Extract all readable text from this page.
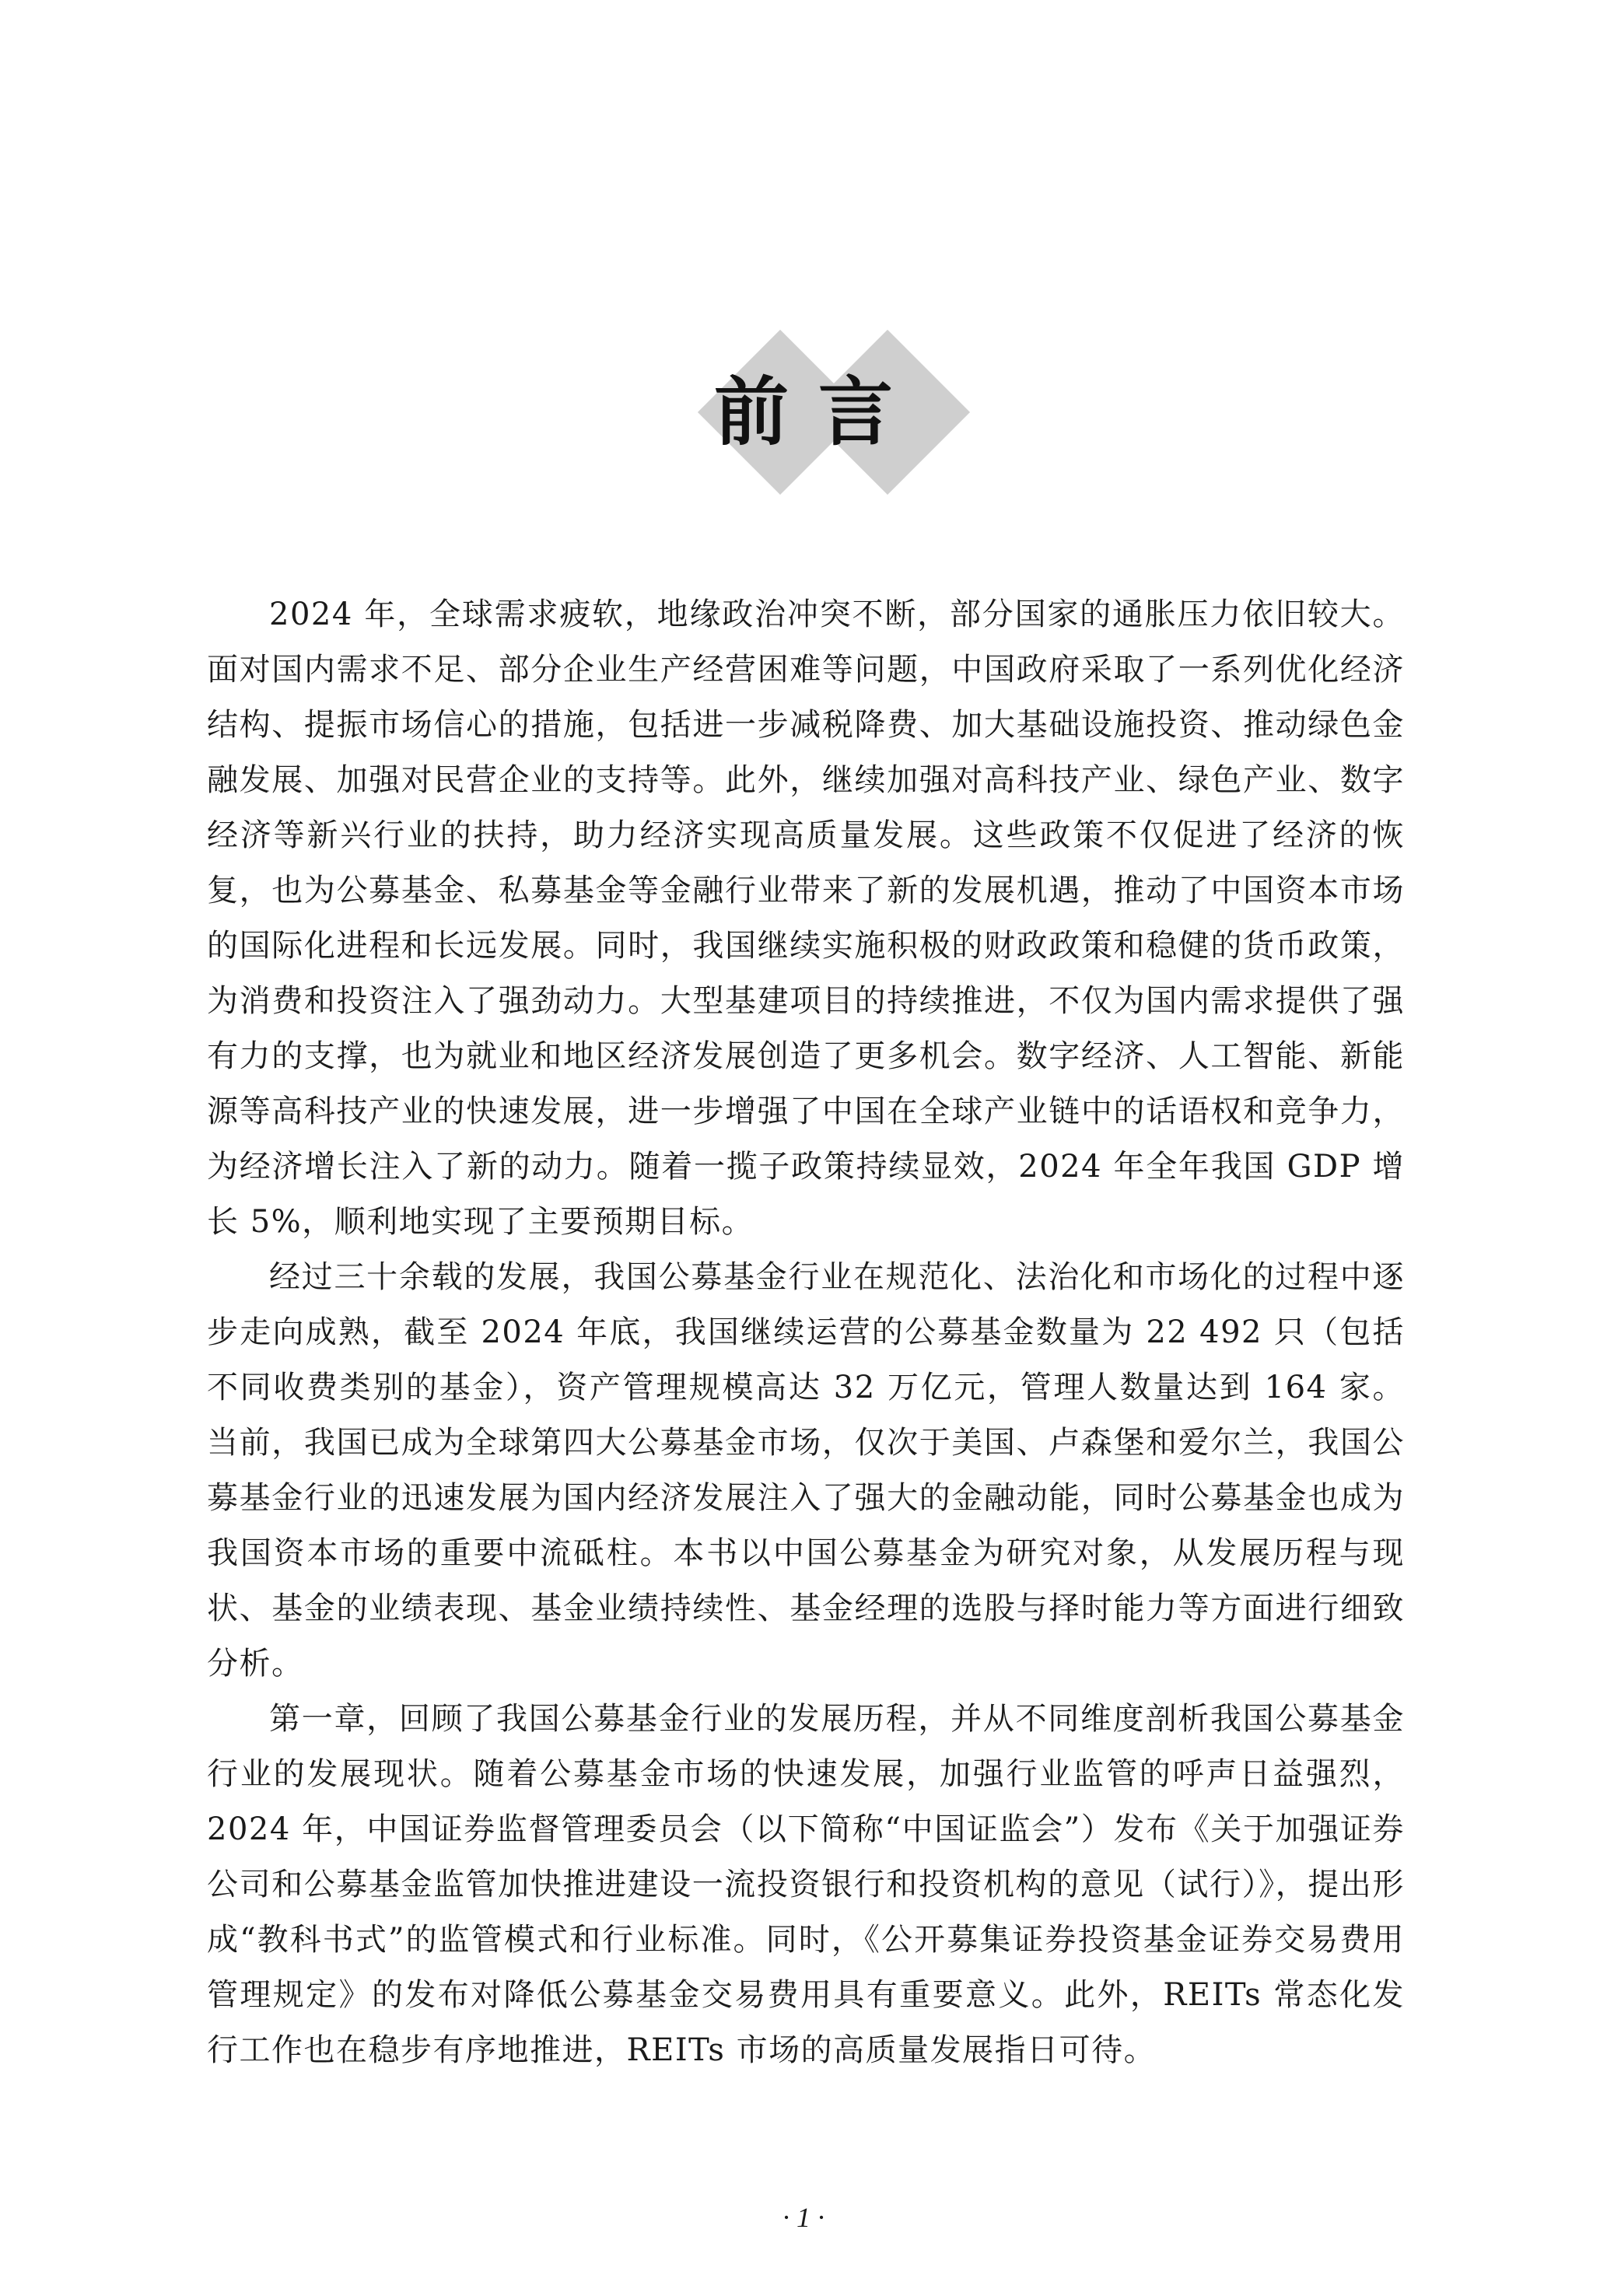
前言

2024 年，全球需求疲软，地缘政治冲突不断，部分国家的通胀压力依旧较大。面对国内需求不足、部分企业生产经营困难等问题，中国政府采取了一系列优化经济结构、提振市场信心的措施，包括进一步减税降费、加大基础设施投资、推动绿色金融发展、加强对民营企业的支持等。此外，继续加强对高科技产业、绿色产业、数字经济等新兴行业的扶持，助力经济实现高质量发展。这些政策不仅促进了经济的恢复，也为公募基金、私募基金等金融行业带来了新的发展机遇，推动了中国资本市场的国际化进程和长远发展。同时，我国继续实施积极的财政政策和稳健的货币政策，为消费和投资注入了强劲动力。大型基建项目的持续推进，不仅为国内需求提供了强有力的支撑，也为就业和地区经济发展创造了更多机会。数字经济、人工智能、新能源等高科技产业的快速发展，进一步增强了中国在全球产业链中的话语权和竞争力，为经济增长注入了新的动力。随着一揽子政策持续显效，2024 年全年我国 GDP 增长 5%，顺利地实现了主要预期目标。

经过三十余载的发展，我国公募基金行业在规范化、法治化和市场化的过程中逐步走向成熟，截至 2024 年底，我国继续运营的公募基金数量为 22 492 只（包括不同收费类别的基金），资产管理规模高达 32 万亿元，管理人数量达到 164 家。当前，我国已成为全球第四大公募基金市场，仅次于美国、卢森堡和爱尔兰，我国公募基金行业的迅速发展为国内经济发展注入了强大的金融动能，同时公募基金也成为我国资本市场的重要中流砥柱。本书以中国公募基金为研究对象，从发展历程与现状、基金的业绩表现、基金业绩持续性、基金经理的选股与择时能力等方面进行细致分析。

第一章，回顾了我国公募基金行业的发展历程，并从不同维度剖析我国公募基金行业的发展现状。随着公募基金市场的快速发展，加强行业监管的呼声日益强烈，2024 年，中国证券监督管理委员会（以下简称“中国证监会”）发布《关于加强证券公司和公募基金监管加快推进建设一流投资银行和投资机构的意见（试行）》，提出形成“教科书式”的监管模式和行业标准。同时，《公开募集证券投资基金证券交易费用管理规定》的发布对降低公募基金交易费用具有重要意义。此外，REITs 常态化发行工作也在稳步有序地推进，REITs 市场的高质量发展指日可待。

· 1 ·
